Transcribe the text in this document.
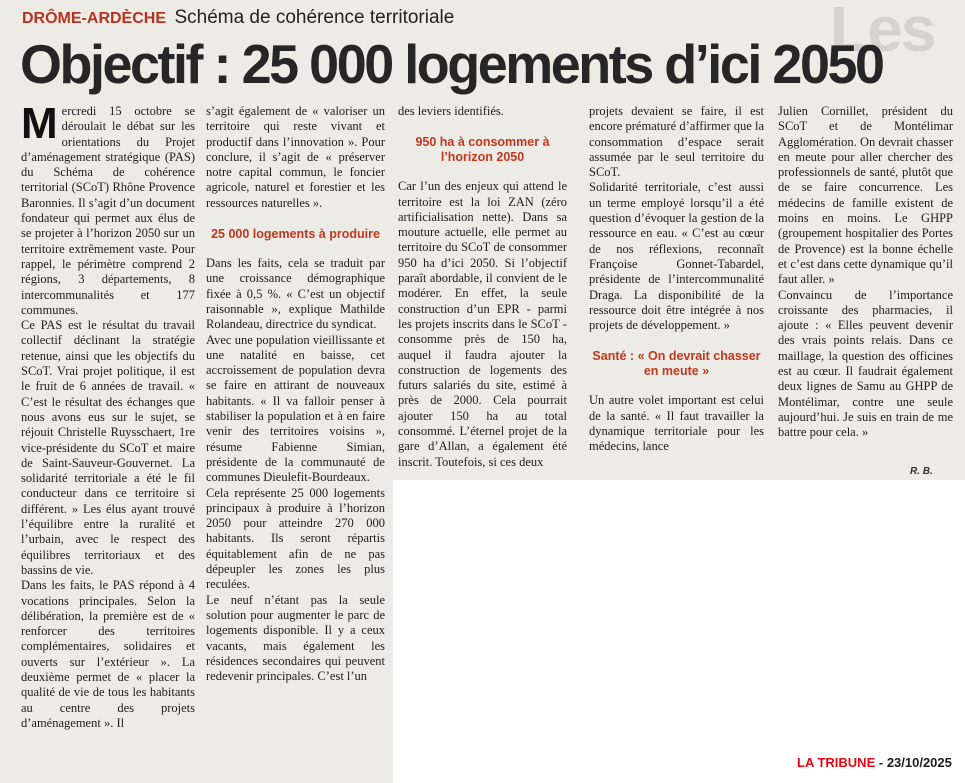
Les
DRÔME-ARDÈCHE Schéma de cohérence territoriale
Objectif : 25 000 logements d’ici 2050

Mercredi 15 octobre se déroulait le débat sur les orientations du Projet d’aménagement stratégique (PAS) du Schéma de cohérence territorial (SCoT) Rhône Provence Baronnies. Il s’agit d’un document fondateur qui permet aux élus de se projeter à l’horizon 2050 sur un territoire extrêmement vaste. Pour rappel, le périmètre comprend 2 régions, 3 départements, 8 intercommunalités et 177 communes.

Ce PAS est le résultat du travail collectif déclinant la stratégie retenue, ainsi que les objectifs du SCoT. Vrai projet politique, il est le fruit de 6 années de travail. « C’est le résultat des échanges que nous avons eus sur le sujet, se réjouit Christelle Ruysschaert, 1re vice-présidente du SCoT et maire de Saint-Sauveur-Gouvernet. La solidarité territoriale a été le fil conducteur dans ce territoire si différent. » Les élus ayant trouvé l’équilibre entre la ruralité et l’urbain, avec le respect des équilibres territoriaux et des bassins de vie.

Dans les faits, le PAS répond à 4 vocations principales. Selon la délibération, la première est de « renforcer des territoires complémentaires, solidaires et ouverts sur l’extérieur ». La deuxième permet de « placer la qualité de vie de tous les habitants au centre des projets d’aménagement ». Il

s’agit également de « valoriser un territoire qui reste vivant et productif dans l’innovation ». Pour conclure, il s’agit de « préserver notre capital commun, le foncier agricole, naturel et forestier et les ressources naturelles ».

25 000 logements à produire

Dans les faits, cela se traduit par une croissance démographique fixée à 0,5 %. « C’est un objectif raisonnable », explique Mathilde Rolandeau, directrice du syndicat.

Avec une population vieillissante et une natalité en baisse, cet accroissement de population devra se faire en attirant de nouveaux habitants. « Il va falloir penser à stabiliser la population et à en faire venir des territoires voisins », résume Fabienne Simian, présidente de la communauté de communes Dieulefit-Bourdeaux.

Cela représente 25 000 logements principaux à produire à l’horizon 2050 pour atteindre 270 000 habitants. Ils seront répartis équitablement afin de ne pas dépeupler les zones les plus reculées.

Le neuf n’étant pas la seule solution pour augmenter le parc de logements disponible. Il y a ceux vacants, mais également les résidences secondaires qui peuvent redevenir principales. C’est l’un

des leviers identifiés.

950 ha à consommer à l’horizon 2050

Car l’un des enjeux qui attend le territoire est la loi ZAN (zéro artificialisation nette). Dans sa mouture actuelle, elle permet au territoire du SCoT de consommer 950 ha d’ici 2050. Si l’objectif paraît abordable, il convient de le modérer. En effet, la seule construction d’un EPR - parmi les projets inscrits dans le SCoT - consomme près de 150 ha, auquel il faudra ajouter la construction de logements des futurs salariés du site, estimé à près de 2000. Cela pourrait ajouter 150 ha au total consommé. L’éternel projet de la gare d’Allan, a également été inscrit. Toutefois, si ces deux

projets devaient se faire, il est encore prématuré d’affirmer que la consommation d’espace serait assumée par le seul territoire du SCoT.

Solidarité territoriale, c’est aussi un terme employé lorsqu’il a été question d’évoquer la gestion de la ressource en eau. « C’est au cœur de nos réflexions, reconnaît Françoise Gonnet-Tabardel, présidente de l’intercommunalité Draga. La disponibilité de la ressource doit être intégrée à nos projets de développement. »

Santé : « On devrait chasser en meute »

Un autre volet important est celui de la santé. « Il faut travailler la dynamique territoriale pour les médecins, lance

Julien Cornillet, président du SCoT et de Montélimar Agglomération. On devrait chasser en meute pour aller chercher des professionnels de santé, plutôt que de se faire concurrence. Les médecins de famille existent de moins en moins. Le GHPP (groupement hospitalier des Portes de Provence) est la bonne échelle et c’est dans cette dynamique qu’il faut aller. »

Convaincu de l’importance croissante des pharmacies, il ajoute : « Elles peuvent devenir des vrais points relais. Dans ce maillage, la question des officines est au cœur. Il faudrait également deux lignes de Samu au GHPP de Montélimar, contre une seule aujourd’hui. Je suis en train de me battre pour cela. »

R. B.
LA TRIBUNE - 23/10/2025
